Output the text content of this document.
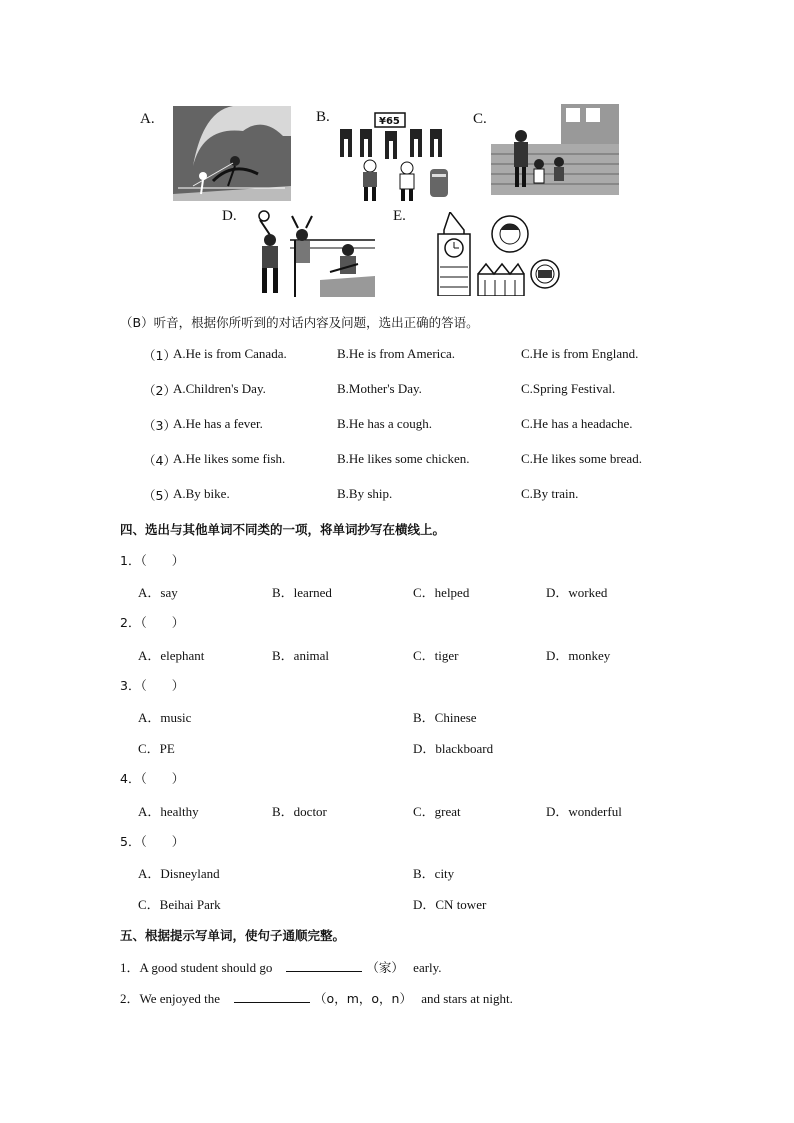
A.	B.	C.
D.	E.
¥65
（B）听音，根据你所听到的对话内容及问题，选出正确的答语。
（1）
A.He is from Canada.	B.He is from America.	C.He is from England.
（2）
A.Children's Day.	B.Mother's Day.	C.Spring Festival.
（3）
A.He has a fever.	B.He has a cough.	C.He has a headache.
（4）
A.He likes some fish.	B.He likes some chicken.	C.He likes some bread.
（5）
A.By bike.	B.By ship.	C.By train.
四、选出与其他单词不同类的一项，将单词抄写在横线上。
1．（　　）
A．say	B．learned	C．helped	D．worked
2．（　　）
A．elephant	B．animal	C．tiger	D．monkey
3．（　　）
A．music	B．Chinese
C．PE	D．blackboard
4．（　　）
A．healthy	B．doctor	C．great	D．wonderful
5．（　　）
A．Disneyland	B．city
C．Beihai Park	D．CN tower
五、根据提示写单词，使句子通顺完整。
1．A good student should go	（家） early.
2．We enjoyed the	（o，m，o，n） and stars at night.
